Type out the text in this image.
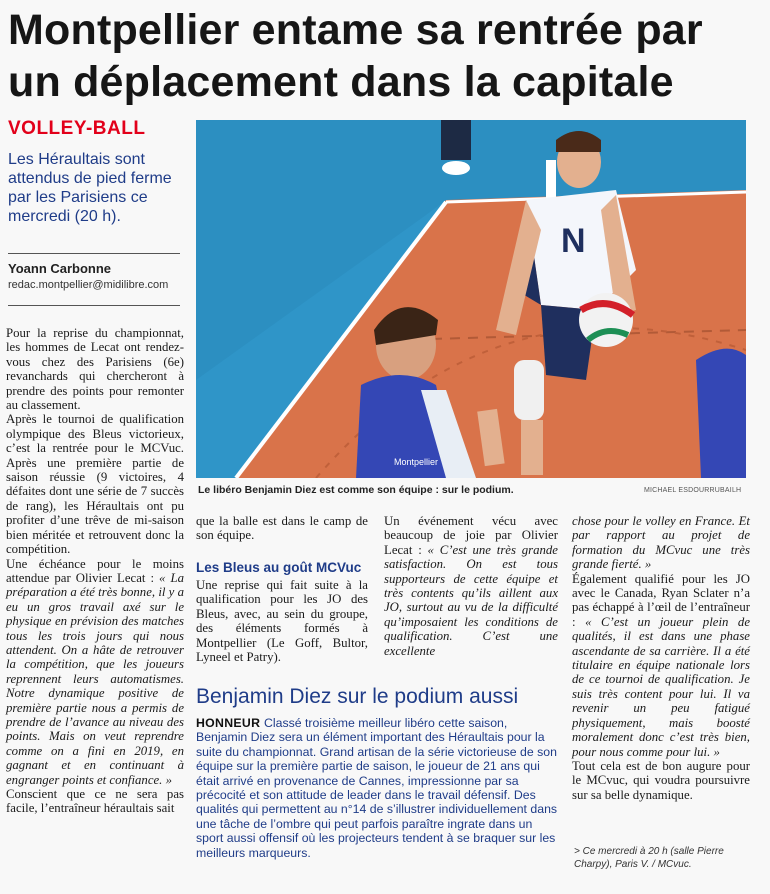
Montpellier entame sa rentrée par
un déplacement dans la capitale
VOLLEY-BALL
Les Héraultais sont attendus de pied ferme par les Parisiens ce mercredi (20 h).
Yoann Carbonne
redac.montpellier@midilibre.com

Pour la reprise du championnat, les hommes de Lecat ont rendez-vous chez des Parisiens (6e) revanchards qui chercheront à prendre des points pour remonter au classement.

Après le tournoi de qualification olympique des Bleus victorieux, c’est la rentrée pour le MCVuc. Après une première partie de saison réussie (9 victoires, 4 défaites dont une série de 7 succès de rang), les Héraultais ont pu profiter d’une trêve de mi-saison bien méritée et retrouvent donc la compétition.

Une échéance pour le moins attendue par Olivier Lecat : « La préparation a été très bonne, il y a eu un gros travail axé sur le physique en prévision des matches tous les trois jours qui nous attendent. On a hâte de retrouver la compétition, que les joueurs reprennent leurs automatismes. Notre dynamique positive de première partie nous a permis de prendre de l’avance au niveau des points. Mais on veut reprendre comme on a fini en 2019, en gagnant et en continuant à engranger points et confiance. »

Conscient que ce ne sera pas facile, l’entraîneur héraultais sait

N
Montpellier
Le libéro Benjamin Diez est comme son équipe : sur le podium.	MICHAEL ESDOURRUBAILH

que la balle est dans le camp de son équipe.

Les Bleus au goût MCVuc

Une reprise qui fait suite à la qualification pour les JO des Bleus, avec, au sein du groupe, des éléments formés à Montpellier (Le Goff, Bultor, Lyneel et Patry).

Un événement vécu avec beaucoup de joie par Olivier Lecat : « C’est une très grande satisfaction. On est tous supporteurs de cette équipe et très contents qu’ils aillent aux JO, surtout au vu de la difficulté qu’imposaient les conditions de qualification. C’est une excellente

chose pour le volley en France. Et par rapport au projet de formation du MCvuc une très grande fierté. »

Également qualifié pour les JO avec le Canada, Ryan Sclater n’a pas échappé à l’œil de l’entraîneur : « C’est un joueur plein de qualités, il est dans une phase ascendante de sa carrière. Il a été titulaire en équipe nationale lors de ce tournoi de qualification. Je suis très content pour lui. Il va revenir un peu fatigué physiquement, mais boosté moralement donc c’est très bien, pour nous comme pour lui. »

Tout cela est de bon augure pour le MCvuc, qui voudra poursuivre sur sa belle dynamique.

Benjamin Diez sur le podium aussi
HONNEUR Classé troisième meilleur libéro cette saison, Benjamin Diez sera un élément important des Héraultais pour la suite du championnat. Grand artisan de la série victorieuse de son équipe sur la première partie de saison, le joueur de 21 ans qui était arrivé en provenance de Cannes, impressionne par sa précocité et son attitude de leader dans le travail défensif. Des qualités qui permettent au n°14 de s’illustrer individuellement dans une tâche de l’ombre qui peut parfois paraître ingrate dans un sport aussi offensif où les projecteurs tendent à se braquer sur les meilleurs marqueurs.	> Ce mercredi à 20 h (salle Pierre Charpy), Paris V. / MCvuc.
